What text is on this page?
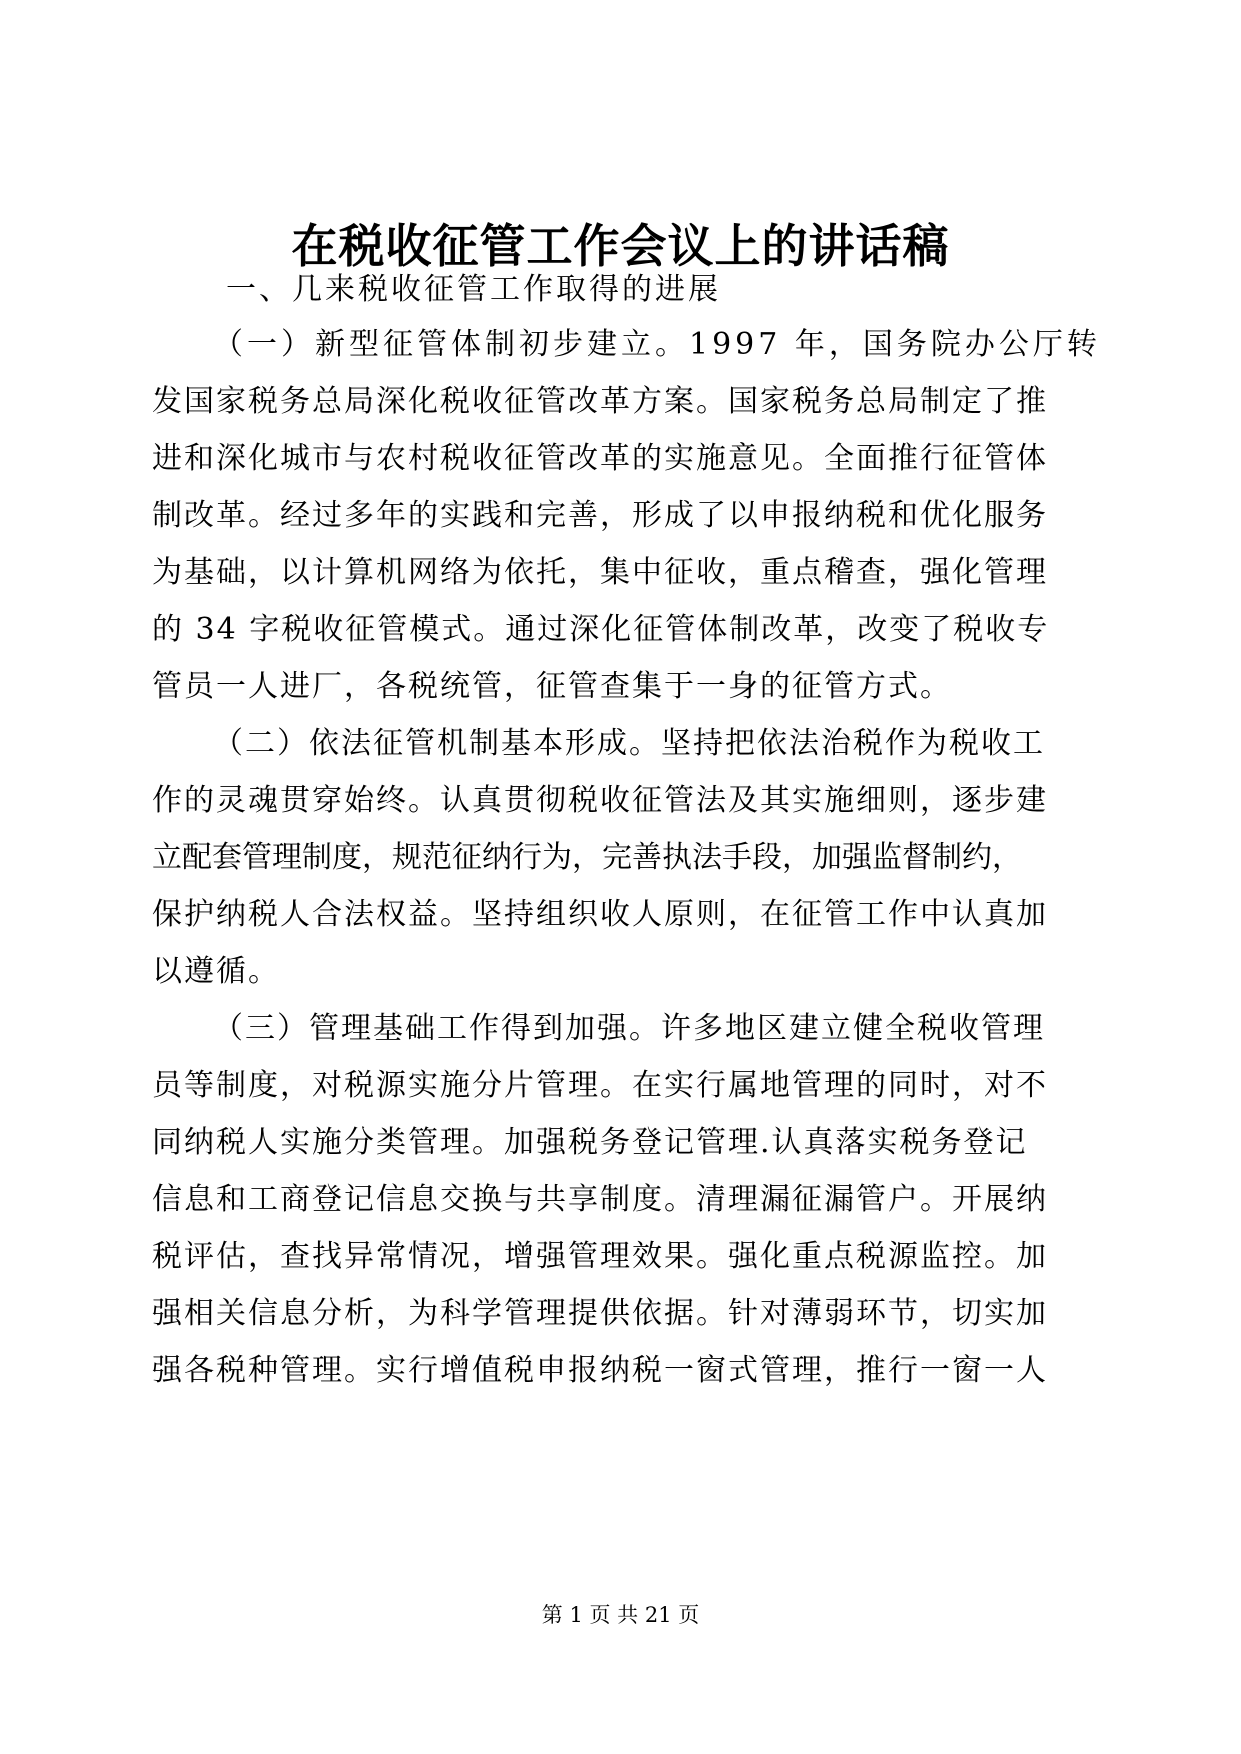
在税收征管工作会议上的讲话稿
一、几来税收征管工作取得的进展
（一）新型征管体制初步建立。1997 年，国务院办公厅转
发国家税务总局深化税收征管改革方案。国家税务总局制定了推
进和深化城市与农村税收征管改革的实施意见。全面推行征管体
制改革。经过多年的实践和完善，形成了以申报纳税和优化服务
为基础，以计算机网络为依托，集中征收，重点稽查，强化管理
的 34 字税收征管模式。通过深化征管体制改革，改变了税收专
管员一人进厂，各税统管，征管查集于一身的征管方式。
（二）依法征管机制基本形成。坚持把依法治税作为税收工
作的灵魂贯穿始终。认真贯彻税收征管法及其实施细则，逐步建
立配套管理制度，规范征纳行为，完善执法手段，加强监督制约，
保护纳税人合法权益。坚持组织收人原则，在征管工作中认真加
以遵循。
（三）管理基础工作得到加强。许多地区建立健全税收管理
员等制度，对税源实施分片管理。在实行属地管理的同时，对不
同纳税人实施分类管理。加强税务登记管理.认真落实税务登记
信息和工商登记信息交换与共享制度。清理漏征漏管户。开展纳
税评估，查找异常情况，增强管理效果。强化重点税源监控。加
强相关信息分析，为科学管理提供依据。针对薄弱环节，切实加
强各税种管理。实行增值税申报纳税一窗式管理，推行一窗一人
第 1 页 共 21 页
